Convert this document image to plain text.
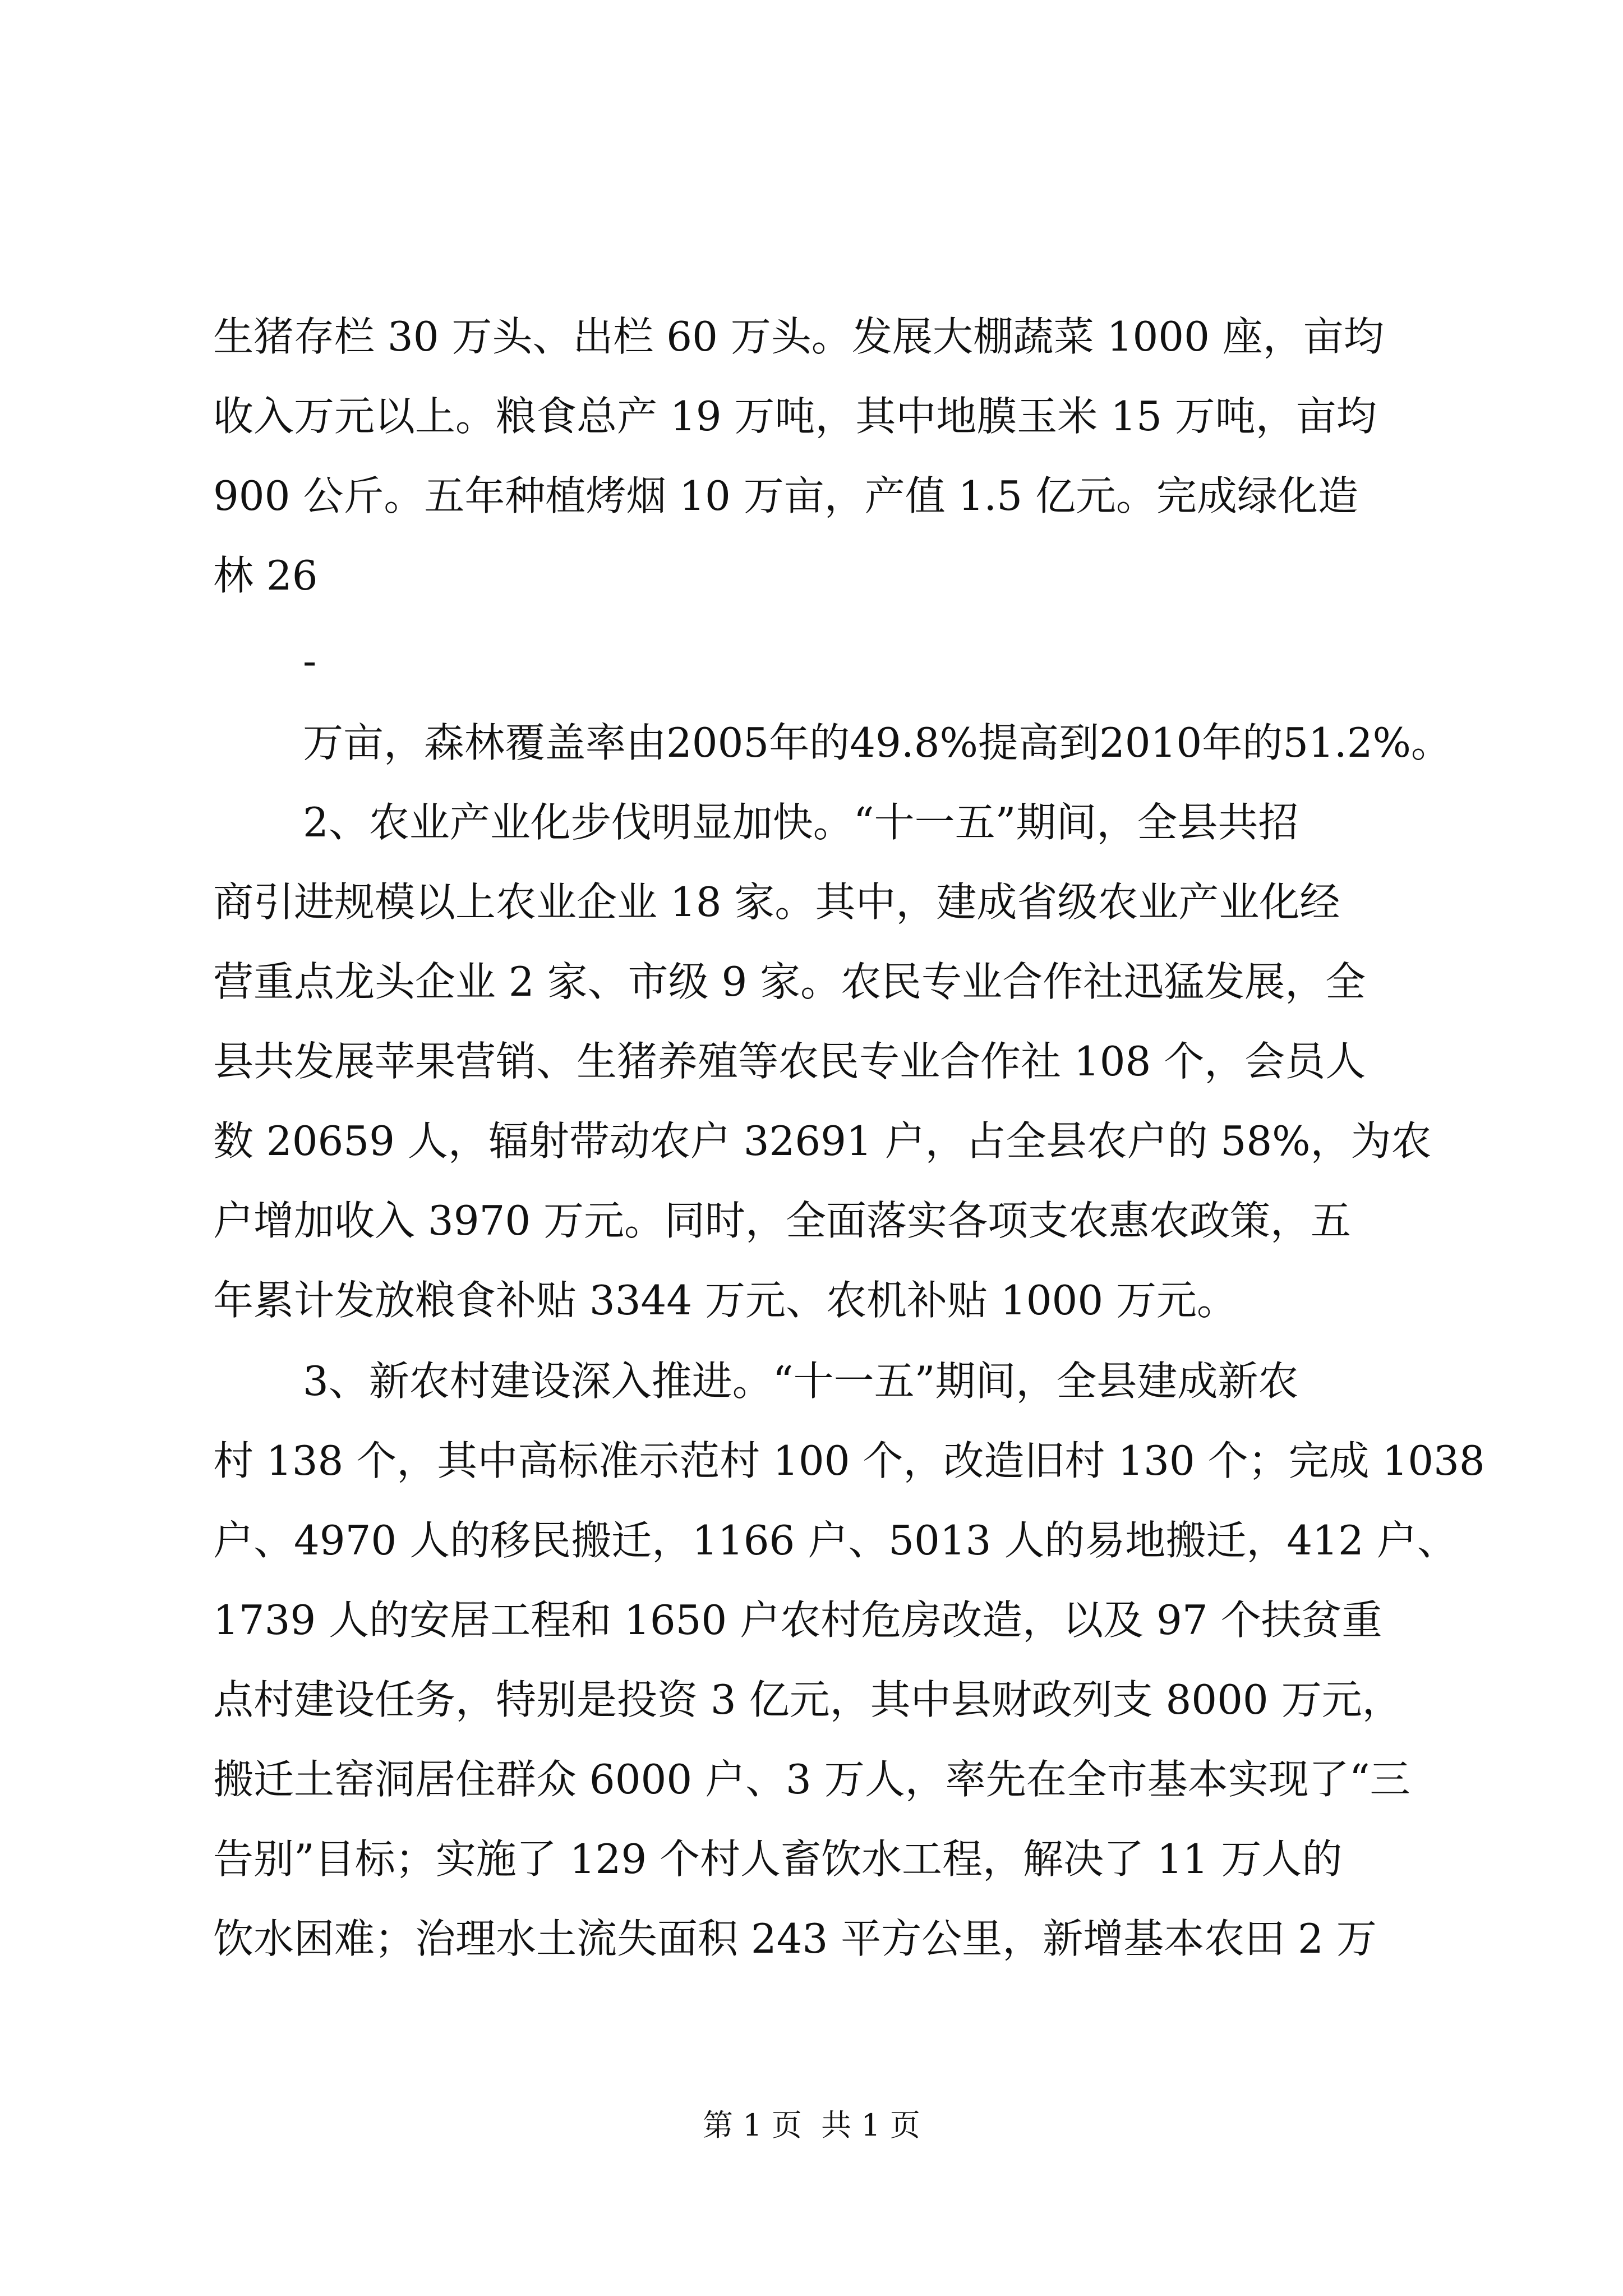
生猪存栏 30 万头、出栏 60 万头。发展大棚蔬菜 1000 座，亩均
收入万元以上。粮食总产 19 万吨，其中地膜玉米 15 万吨，亩均
900 公斤。五年种植烤烟 10 万亩，产值 1.5 亿元。完成绿化造
林 26
-
万亩，森林覆盖率由2005年的49.8%提高到2010年的51.2%。
2、农业产业化步伐明显加快。“十一五”期间，全县共招
商引进规模以上农业企业 18 家。其中，建成省级农业产业化经
营重点龙头企业 2 家、市级 9 家。农民专业合作社迅猛发展，全
县共发展苹果营销、生猪养殖等农民专业合作社 108 个，会员人
数 20659 人，辐射带动农户 32691 户，占全县农户的 58%，为农
户增加收入 3970 万元。同时，全面落实各项支农惠农政策，五
年累计发放粮食补贴 3344 万元、农机补贴 1000 万元。
3、新农村建设深入推进。“十一五”期间，全县建成新农
村 138 个，其中高标准示范村 100 个，改造旧村 130 个；完成 1038
户、4970 人的移民搬迁，1166 户、5013 人的易地搬迁，412 户、
1739 人的安居工程和 1650 户农村危房改造，以及 97 个扶贫重
点村建设任务，特别是投资 3 亿元，其中县财政列支 8000 万元，
搬迁土窑洞居住群众 6000 户、3 万人，率先在全市基本实现了“三
告别”目标；实施了 129 个村人畜饮水工程，解决了 11 万人的
饮水困难；治理水土流失面积 243 平方公里，新增基本农田 2 万
第 1 页  共 1 页
